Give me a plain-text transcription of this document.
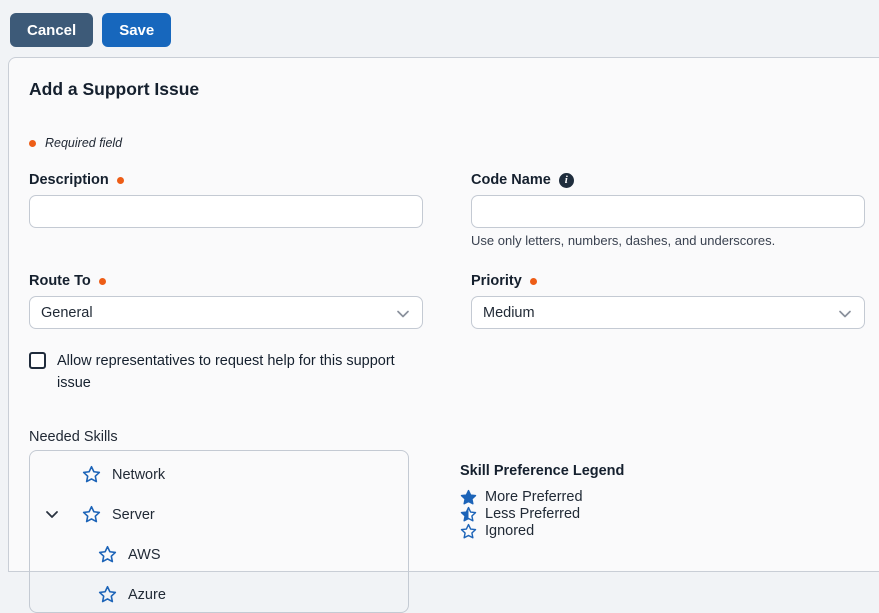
Cancel	Save
Add a Support Issue
Required field
Description	Code Name	i
Use only letters, numbers, dashes, and underscores.
Route To
General
Priority
Medium
Allow representatives to request help for this support issue
Needed Skills
Network
Server
AWS
Azure
Skill Preference Legend
More Preferred
Less Preferred
Ignored
